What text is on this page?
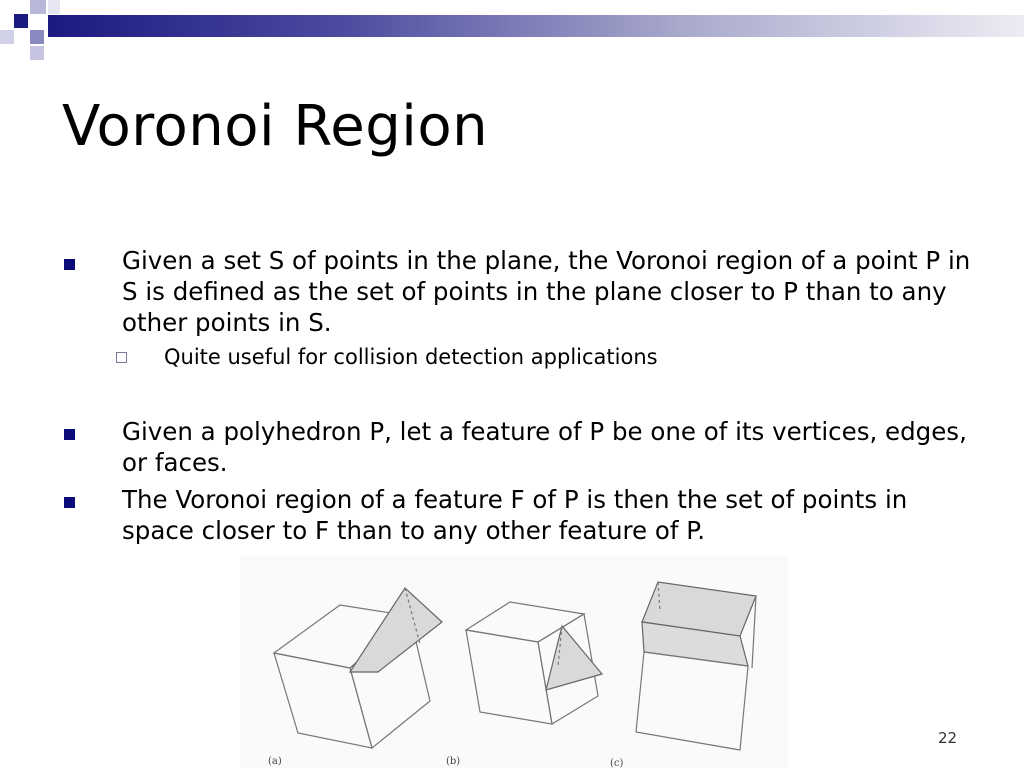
Voronoi Region
Given a set S of points in the plane, the Voronoi region of a point P in S is defined as the set of points in the plane closer to P than to any other points in S.
Quite useful for collision detection applications
Given a polyhedron P, let a feature of P be one of its vertices, edges, or faces.
The Voronoi region of a feature F of P is then the set of points in space closer to F than to any other feature of P.
(a)	(b)	(c)
22
